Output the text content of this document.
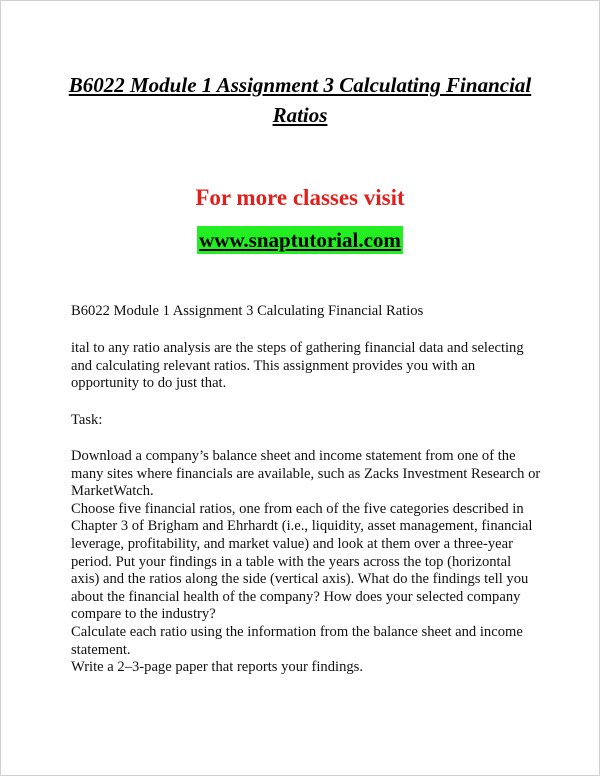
B6022 Module 1 Assignment 3 Calculating Financial Ratios
For more classes visit
www.snaptutorial.com

B6022 Module 1 Assignment 3 Calculating Financial Ratios

ital to any ratio analysis are the steps of gathering financial data and selecting and calculating relevant ratios. This assignment provides you with an opportunity to do just that.

Task:

Download a company’s balance sheet and income statement from one of the many sites where financials are available, such as Zacks Investment Research or MarketWatch.

Choose five financial ratios, one from each of the five categories described in Chapter 3 of Brigham and Ehrhardt (i.e., liquidity, asset management, financial leverage, profitability, and market value) and look at them over a three-year period. Put your findings in a table with the years across the top (horizontal axis) and the ratios along the side (vertical axis). What do the findings tell you about the financial health of the company? How does your selected company compare to the industry?

Calculate each ratio using the information from the balance sheet and income statement.

Write a 2–3-page paper that reports your findings.
